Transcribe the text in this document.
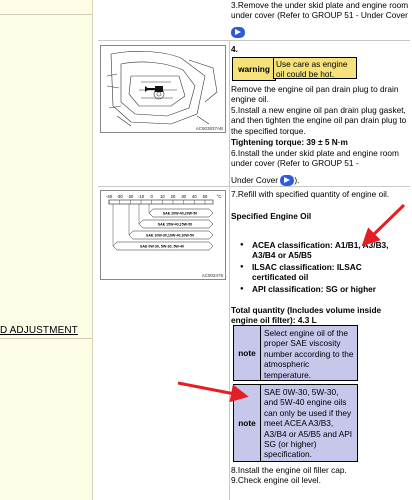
D ADJUSTMENT
3.Remove the under skid plate and engine room
under cover (Refer to GROUP 51 - Under Cover
AC903837AB
4.
warning Use care as engine oil could be hot.
Remove the engine oil pan drain plug to drain engine oil.
5.Install a new engine oil pan drain plug gasket, and then tighten the engine oil pan drain plug to the specified torque.
Tightening torque: 39 ± 5 N·m
6.Install the under skid plate and engine room under cover (Refer to GROUP 51 -
Under Cover ).
-40 -30 -20 -10 0 10 20 30 40 50 °C
SAE 20W-40,20W-50
SAE 15W-40,15W-50
SAE 10W-30,10W-40,10W-50
SAE 0W-30, 5W-30, 5W-40
AC903478
7.Refill with specified quantity of engine oil.
Specified Engine Oil
● ACEA classification: A1/B1, A3/B3, A3/B4 or A5/B5
● ILSAC classification: ILSAC certificated oil
● API classification: SG or higher
Total quantity (Includes volume inside engine oil filter): 4.3 L
note
Select engine oil of the proper SAE viscosity number according to the atmospheric temperature.
note
SAE 0W-30, 5W-30, and 5W-40 engine oils can only be used if they meet ACEA A3/B3, A3/B4 or A5/B5 and API SG (or higher) specification.
8.Install the engine oil filler cap.
9.Check engine oil level.
